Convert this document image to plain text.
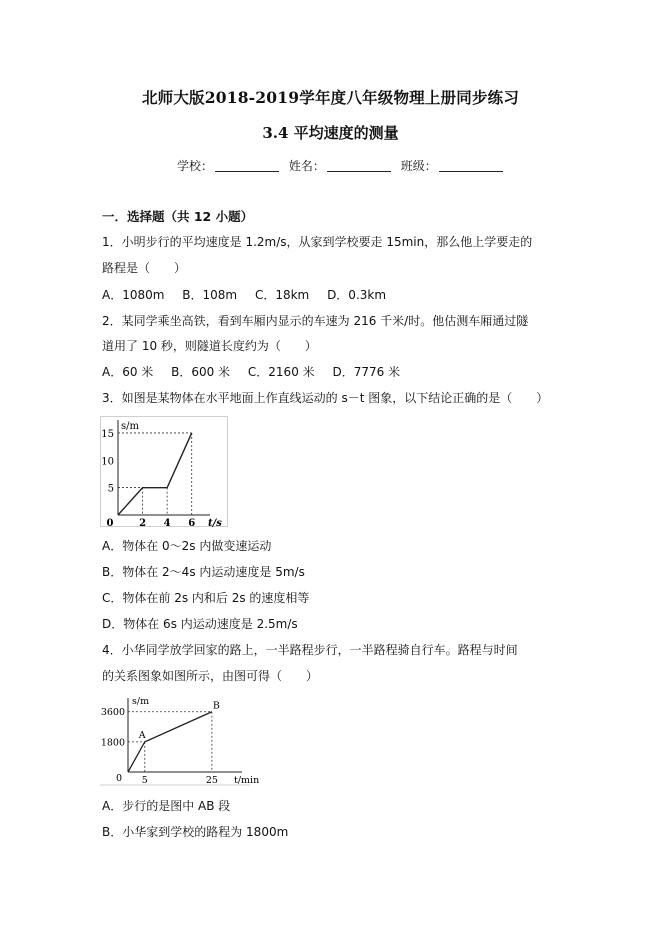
北师大版2018-2019学年度八年级物理上册同步练习
3.4 平均速度的测量
学校：	姓名：	班级：
一．选择题（共 12 小题）
1．小明步行的平均速度是 1.2m/s，从家到学校要走 15min，那么他上学要走的
路程是（　　）
A．1080m B．108m C．18km D．0.3km
2．某同学乘坐高铁，看到车厢内显示的车速为 216 千米/时。他估测车厢通过隧
道用了 10 秒，则隧道长度约为（　　）
A．60 米 B．600 米 C．2160 米 D．7776 米
3．如图是某物体在水平地面上作直线运动的 s－t 图象，以下结论正确的是（　　）
5
10
15
0	2 4 6
s/m
t/s
A．物体在 0～2s 内做变速运动
B．物体在 2～4s 内运动速度是 5m/s
C．物体在前 2s 内和后 2s 的速度相等
D．物体在 6s 内运动速度是 2.5m/s
4．小华同学放学回家的路上，一半路程步行，一半路程骑自行车。路程与时间
的关系图象如图所示，由图可得（　　）
1800
3600
5	25
0
s/m
t/min
A
B
A．步行的是图中 AB 段
B．小华家到学校的路程为 1800m
